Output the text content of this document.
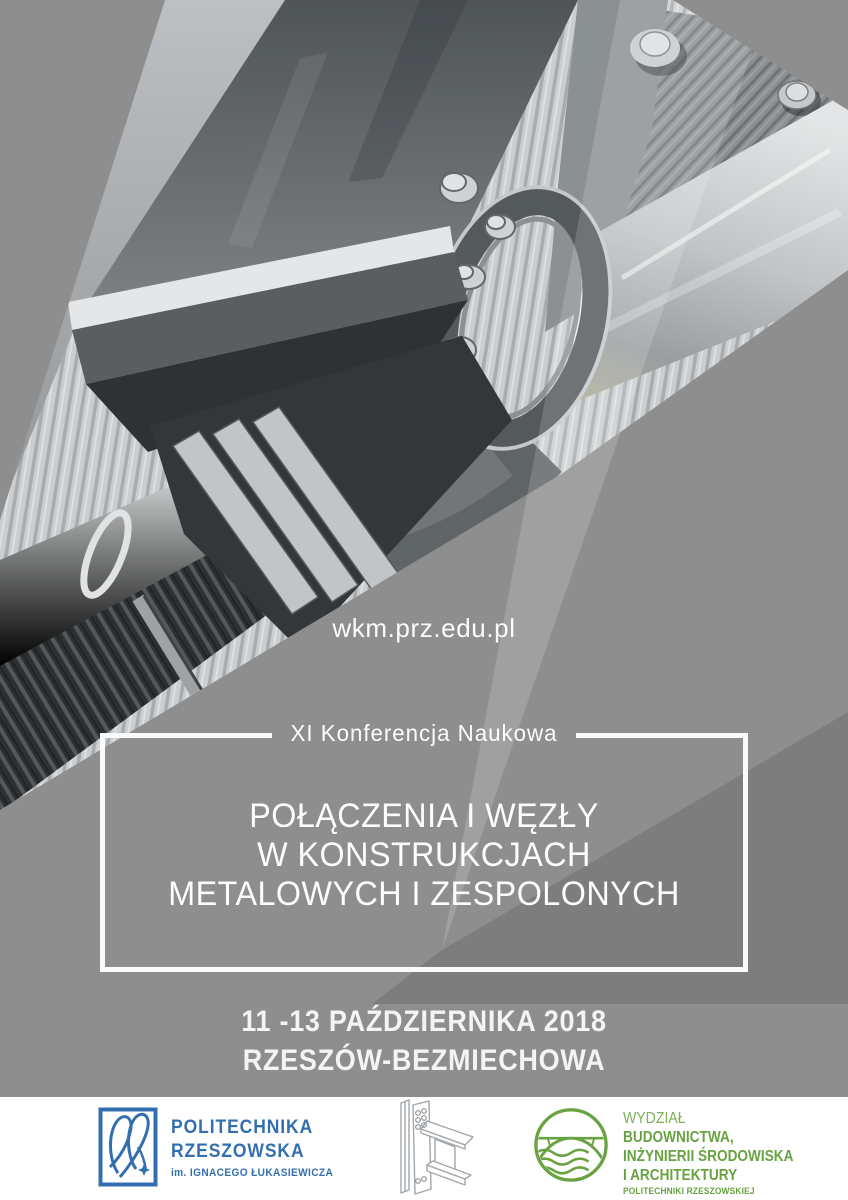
wkm.prz.edu.pl
XI Konferencja Naukowa
POŁĄCZENIA I WĘZŁY
W KONSTRUKCJACH
METALOWYCH I ZESPOLONYCH
11 -13 PAŹDZIERNIKA 2018
RZESZÓW-BEZMIECHOWA
POLITECHNIKA
RZESZOWSKA
im. IGNACEGO ŁUKASIEWICZA
WYDZIAŁ
BUDOWNICTWA,
INŻYNIERII ŚRODOWISKA
I ARCHITEKTURY
POLITECHNIKI RZESZOWSKIEJ
